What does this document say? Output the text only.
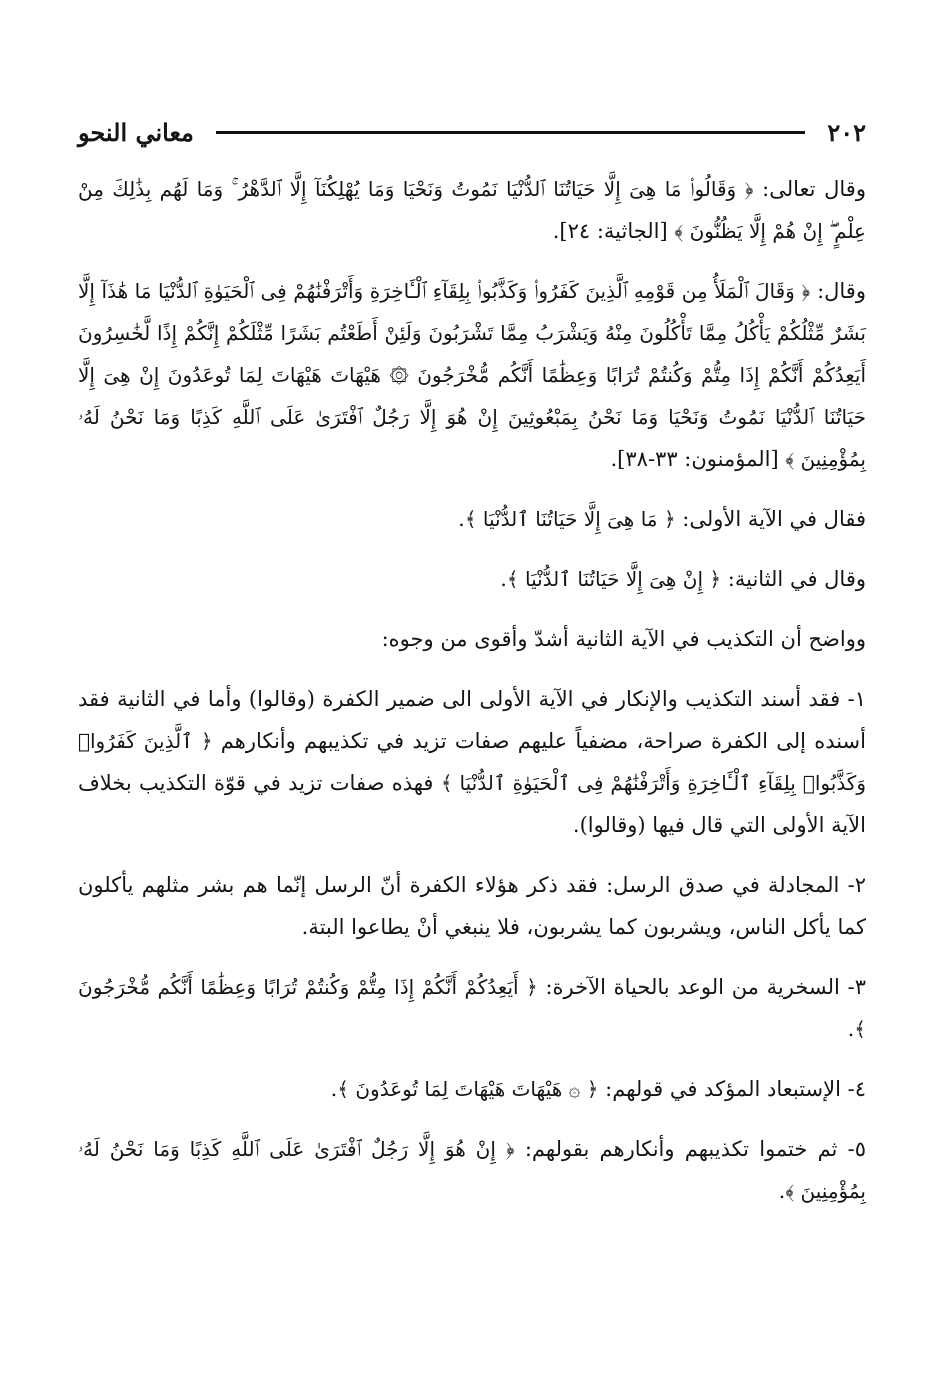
٢٠٢
معاني النحو

وقال تعالى: ﴿ وَقَالُوا۟ مَا هِىَ إِلَّا حَيَاتُنَا ٱلدُّنْيَا نَمُوتُ وَنَحْيَا وَمَا يُهْلِكُنَآ إِلَّا ٱلدَّهْرُ ۚ وَمَا لَهُم بِذَٰلِكَ مِنْ عِلْمٍ ۖ إِنْ هُمْ إِلَّا يَظُنُّونَ ﴾ [الجاثية: ٢٤].

وقال: ﴿ وَقَالَ ٱلْمَلَأُ مِن قَوْمِهِ ٱلَّذِينَ كَفَرُوا۟ وَكَذَّبُوا۟ بِلِقَآءِ ٱلْـَٔاخِرَةِ وَأَتْرَفْنَٰهُمْ فِى ٱلْحَيَوٰةِ ٱلدُّنْيَا مَا هَٰذَآ إِلَّا بَشَرٌ مِّثْلُكُمْ يَأْكُلُ مِمَّا تَأْكُلُونَ مِنْهُ وَيَشْرَبُ مِمَّا تَشْرَبُونَ وَلَئِنْ أَطَعْتُم بَشَرًا مِّثْلَكُمْ إِنَّكُمْ إِذًا لَّخَٰسِرُونَ أَيَعِدُكُمْ أَنَّكُمْ إِذَا مِتُّمْ وَكُنتُمْ تُرَابًا وَعِظَٰمًا أَنَّكُم مُّخْرَجُونَ ۞ هَيْهَاتَ هَيْهَاتَ لِمَا تُوعَدُونَ إِنْ هِىَ إِلَّا حَيَاتُنَا ٱلدُّنْيَا نَمُوتُ وَنَحْيَا وَمَا نَحْنُ بِمَبْعُوثِينَ إِنْ هُوَ إِلَّا رَجُلٌ ٱفْتَرَىٰ عَلَى ٱللَّهِ كَذِبًا وَمَا نَحْنُ لَهُۥ بِمُؤْمِنِينَ ﴾ [المؤمنون: ٣٣-٣٨].

فقال في الآية الأولى: ﴿ مَا هِىَ إِلَّا حَيَاتُنَا ٱلدُّنْيَا ﴾.

وقال في الثانية: ﴿ إِنْ هِىَ إِلَّا حَيَاتُنَا ٱلدُّنْيَا ﴾.

وواضح أن التكذيب في الآية الثانية أشدّ وأقوى من وجوه:

١- فقد أسند التكذيب والإنكار في الآية الأولى الى ضمير الكفرة (وقالوا) وأما في الثانية فقد أسنده إلى الكفرة صراحة، مضفياً عليهم صفات تزيد في تكذيبهم وأنكارهم ﴿ ٱلَّذِينَ كَفَرُوا۟ وَكَذَّبُوا۟ بِلِقَآءِ ٱلْـَٔاخِرَةِ وَأَتْرَفْنَٰهُمْ فِى ٱلْحَيَوٰةِ ٱلدُّنْيَا ﴾ فهذه صفات تزيد في قوّة التكذيب بخلاف الآية الأولى التي قال فيها (وقالوا).

٢- المجادلة في صدق الرسل: فقد ذكر هؤلاء الكفرة أنّ الرسل إنّما هم بشر مثلهم يأكلون كما يأكل الناس، ويشربون كما يشربون، فلا ينبغي أنْ يطاعوا البتة.

٣- السخرية من الوعد بالحياة الآخرة: ﴿ أَيَعِدُكُمْ أَنَّكُمْ إِذَا مِتُّمْ وَكُنتُمْ تُرَابًا وَعِظَٰمًا أَنَّكُم مُّخْرَجُونَ ﴾.

٤- الإستبعاد المؤكد في قولهم: ﴿ ۞ هَيْهَاتَ هَيْهَاتَ لِمَا تُوعَدُونَ ﴾.

٥- ثم ختموا تكذيبهم وأنكارهم بقولهم: ﴿ إِنْ هُوَ إِلَّا رَجُلٌ ٱفْتَرَىٰ عَلَى ٱللَّهِ كَذِبًا وَمَا نَحْنُ لَهُۥ بِمُؤْمِنِينَ ﴾.
